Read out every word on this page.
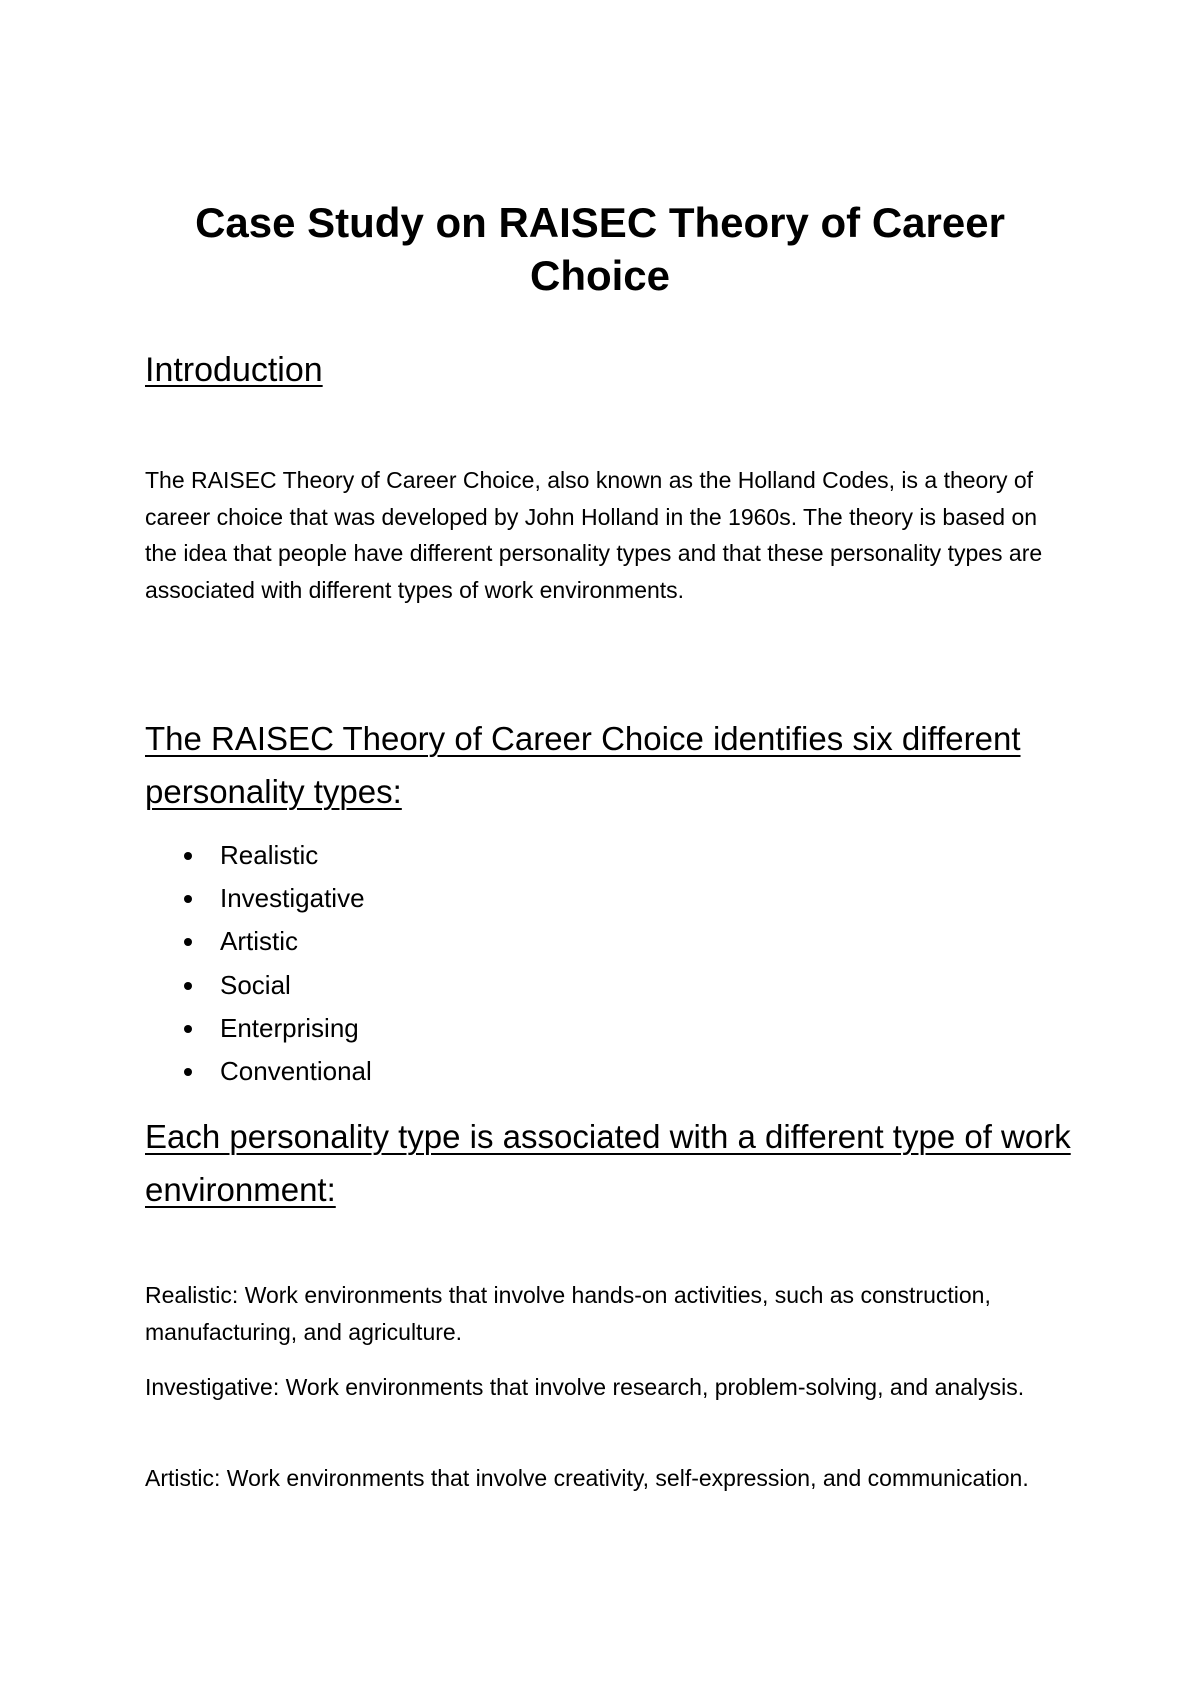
Case Study on RAISEC Theory of Career Choice
Introduction

The RAISEC Theory of Career Choice, also known as the Holland Codes, is a theory of career choice that was developed by John Holland in the 1960s. The theory is based on the idea that people have different personality types and that these personality types are associated with different types of work environments.

The RAISEC Theory of Career Choice identifies six different personality types:
Realistic
Investigative
Artistic
Social
Enterprising
Conventional
Each personality type is associated with a different type of work environment:

Realistic: Work environments that involve hands-on activities, such as construction, manufacturing, and agriculture.

Investigative: Work environments that involve research, problem-solving, and analysis.

Artistic: Work environments that involve creativity, self-expression, and communication.
